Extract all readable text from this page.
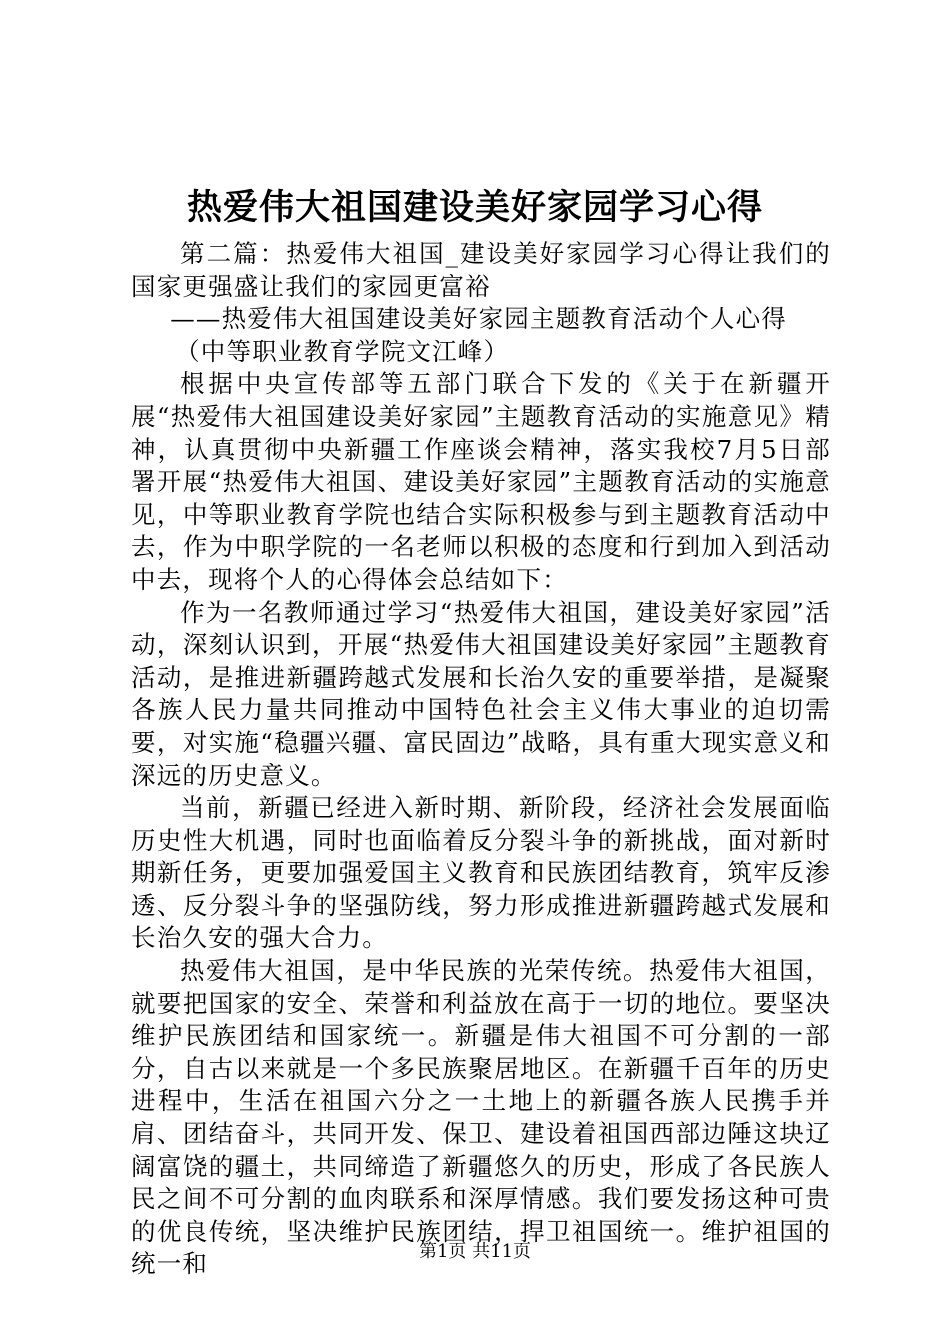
热爱伟大祖国建设美好家园学习心得

第二篇：热爱伟大祖国_建设美好家园学习心得让我们的国家更强盛让我们的家园更富裕

——热爱伟大祖国建设美好家园主题教育活动个人心得

（中等职业教育学院文江峰）

根据中央宣传部等五部门联合下发的《关于在新疆开展“热爱伟大祖国建设美好家园”主题教育活动的实施意见》精神，认真贯彻中央新疆工作座谈会精神，落实我校7月5日部署开展“热爱伟大祖国、建设美好家园”主题教育活动的实施意见，中等职业教育学院也结合实际积极参与到主题教育活动中去，作为中职学院的一名老师以积极的态度和行到加入到活动中去，现将个人的心得体会总结如下：

作为一名教师通过学习“热爱伟大祖国，建设美好家园”活动，深刻认识到，开展“热爱伟大祖国建设美好家园”主题教育活动，是推进新疆跨越式发展和长治久安的重要举措，是凝聚各族人民力量共同推动中国特色社会主义伟大事业的迫切需要，对实施“稳疆兴疆、富民固边”战略，具有重大现实意义和深远的历史意义。

当前，新疆已经进入新时期、新阶段，经济社会发展面临历史性大机遇，同时也面临着反分裂斗争的新挑战，面对新时期新任务，更要加强爱国主义教育和民族团结教育，筑牢反渗透、反分裂斗争的坚强防线，努力形成推进新疆跨越式发展和长治久安的强大合力。

热爱伟大祖国，是中华民族的光荣传统。热爱伟大祖国，就要把国家的安全、荣誉和利益放在高于一切的地位。要坚决维护民族团结和国家统一。新疆是伟大祖国不可分割的一部分，自古以来就是一个多民族聚居地区。在新疆千百年的历史进程中，生活在祖国六分之一土地上的新疆各族人民携手并肩、团结奋斗，共同开发、保卫、建设着祖国西部边陲这块辽阔富饶的疆土，共同缔造了新疆悠久的历史，形成了各民族人民之间不可分割的血肉联系和深厚情感。我们要发扬这种可贵的优良传统，坚决维护民族团结，捍卫祖国统一。维护祖国的统一和	第1页 共11页
